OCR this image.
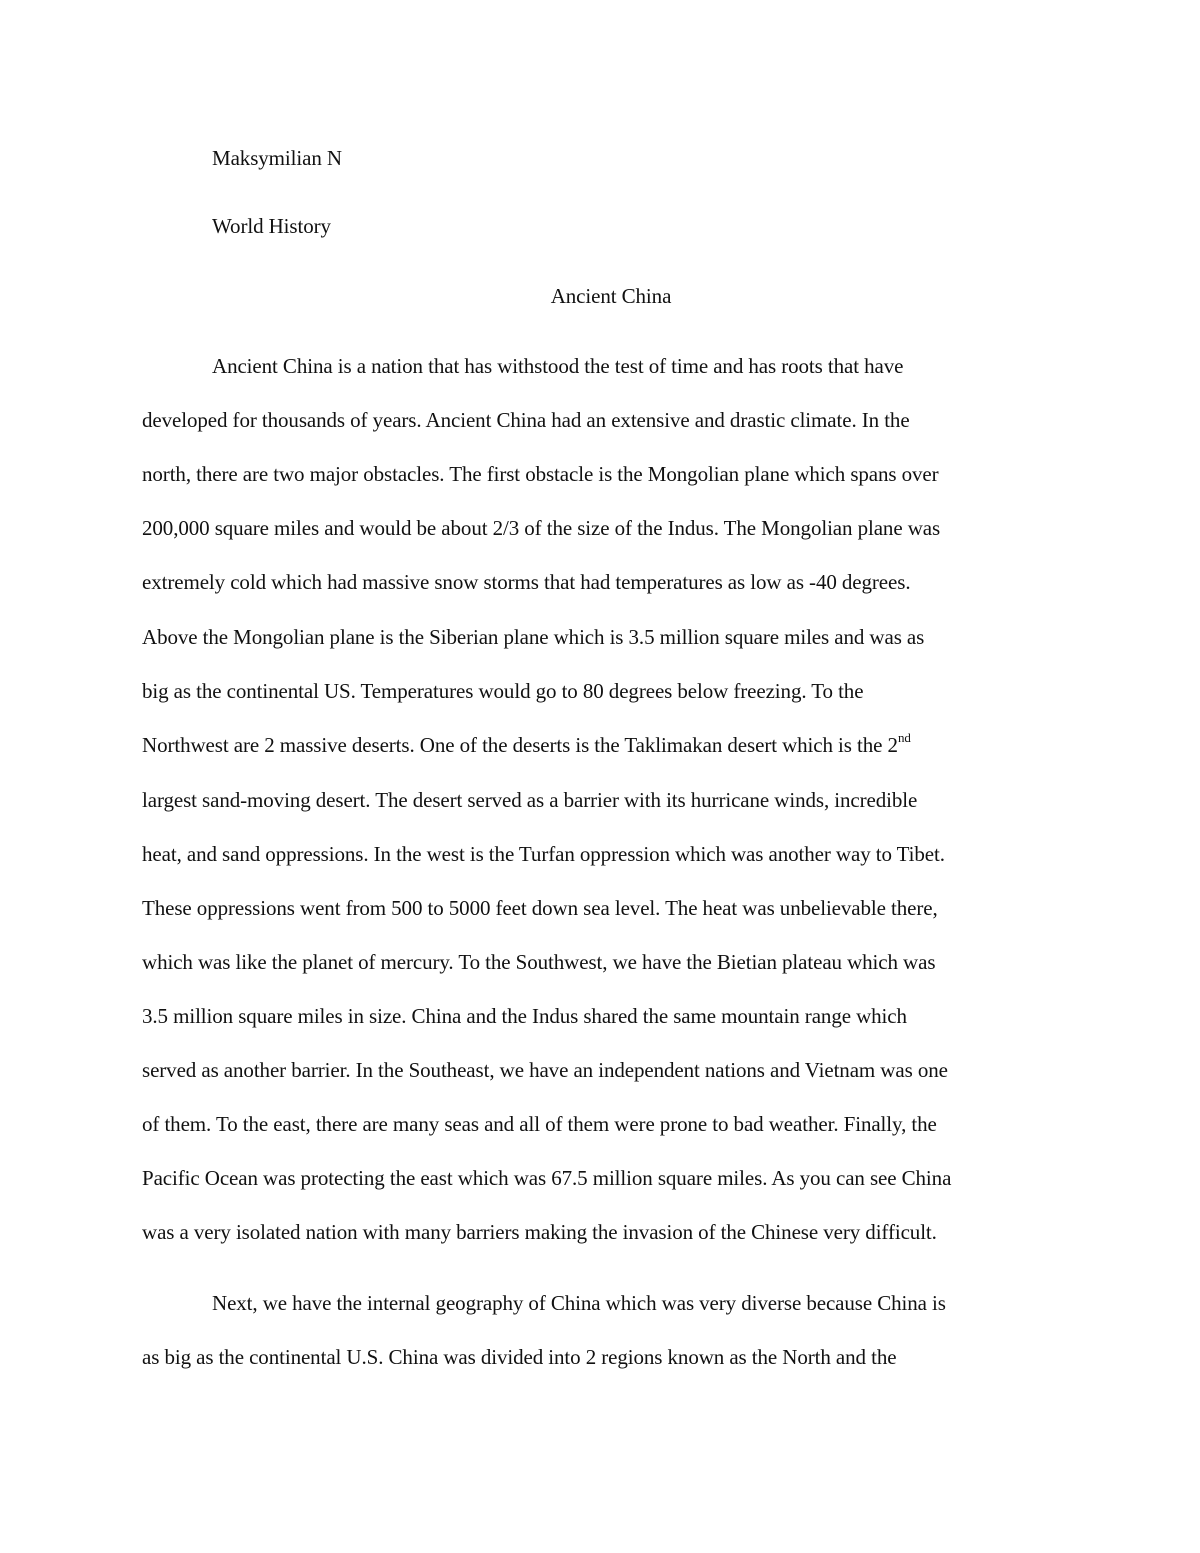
Maksymilian N
World History
Ancient China
Ancient China is a nation that has withstood the test of time and has roots that have
developed for thousands of years. Ancient China had an extensive and drastic climate. In the
north, there are two major obstacles. The first obstacle is the Mongolian plane which spans over
200,000 square miles and would be about 2/3 of the size of the Indus. The Mongolian plane was
extremely cold which had massive snow storms that had temperatures as low as -40 degrees.
Above the Mongolian plane is the Siberian plane which is 3.5 million square miles and was as
big as the continental US. Temperatures would go to 80 degrees below freezing. To the
Northwest are 2 massive deserts. One of the deserts is the Taklimakan desert which is the 2nd
largest sand-moving desert. The desert served as a barrier with its hurricane winds, incredible
heat, and sand oppressions. In the west is the Turfan oppression which was another way to Tibet.
These oppressions went from 500 to 5000 feet down sea level. The heat was unbelievable there,
which was like the planet of mercury. To the Southwest, we have the Bietian plateau which was
3.5 million square miles in size. China and the Indus shared the same mountain range which
served as another barrier. In the Southeast, we have an independent nations and Vietnam was one
of them. To the east, there are many seas and all of them were prone to bad weather. Finally, the
Pacific Ocean was protecting the east which was 67.5 million square miles. As you can see China
was a very isolated nation with many barriers making the invasion of the Chinese very difficult.
Next, we have the internal geography of China which was very diverse because China is
as big as the continental U.S. China was divided into 2 regions known as the North and the
